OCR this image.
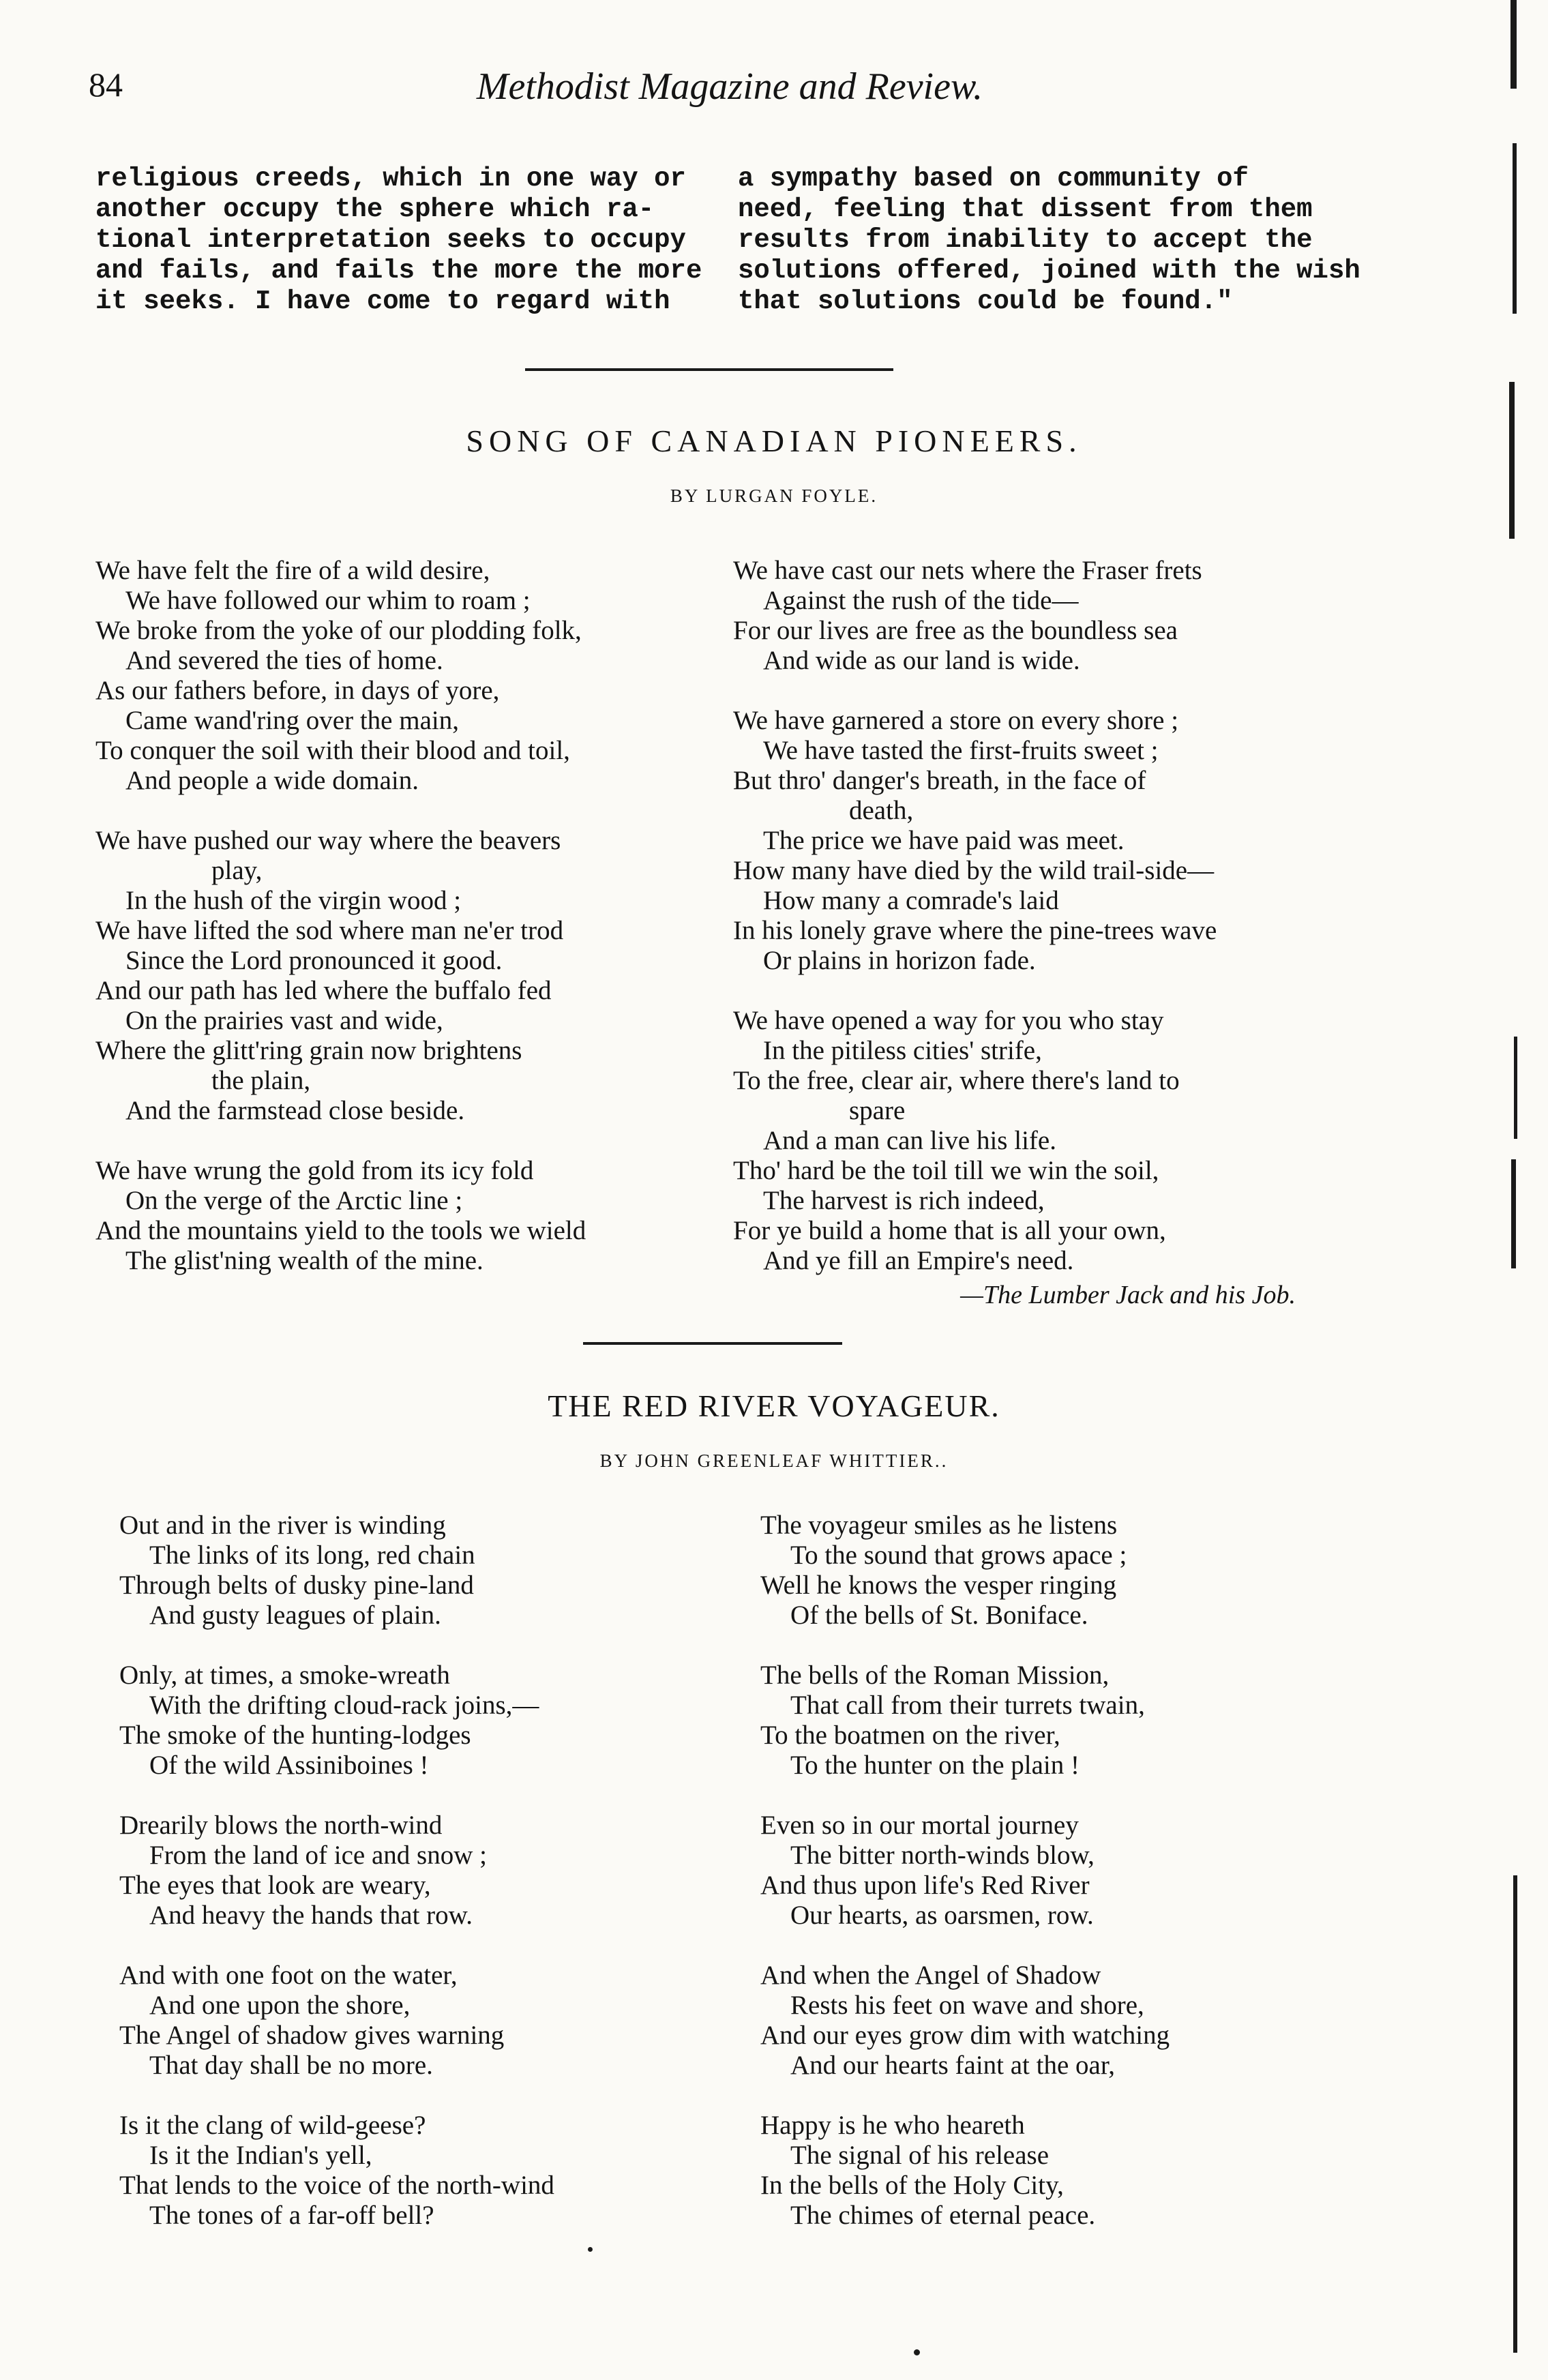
84	Methodist Magazine and Review.

religious creeds, which in one way or

another occupy the sphere which ra-

tional interpretation seeks to occupy

and fails, and fails the more the more

it seeks. I have come to regard with

a sympathy based on community of

need, feeling that dissent from them

results from inability to accept the

solutions offered, joined with the wish

that solutions could be found."

SONG OF CANADIAN PIONEERS.
BY LURGAN FOYLE.
We have felt the fire of a wild desire,
We have followed our whim to roam ;
We broke from the yoke of our plodding folk,
And severed the ties of home.
As our fathers before, in days of yore,
Came wand'ring over the main,
To conquer the soil with their blood and toil,
And people a wide domain.
We have pushed our way where the beavers
play,
In the hush of the virgin wood ;
We have lifted the sod where man ne'er trod
Since the Lord pronounced it good.
And our path has led where the buffalo fed
On the prairies vast and wide,
Where the glitt'ring grain now brightens
the plain,
And the farmstead close beside.
We have wrung the gold from its icy fold
On the verge of the Arctic line ;
And the mountains yield to the tools we wield
The glist'ning wealth of the mine.
We have cast our nets where the Fraser frets
Against the rush of the tide—
For our lives are free as the boundless sea
And wide as our land is wide.
We have garnered a store on every shore ;
We have tasted the first-fruits sweet ;
But thro' danger's breath, in the face of
death,
The price we have paid was meet.
How many have died by the wild trail-side—
How many a comrade's laid
In his lonely grave where the pine-trees wave
Or plains in horizon fade.
We have opened a way for you who stay
In the pitiless cities' strife,
To the free, clear air, where there's land to
spare
And a man can live his life.
Tho' hard be the toil till we win the soil,
The harvest is rich indeed,
For ye build a home that is all your own,
And ye fill an Empire's need.
—The Lumber Jack and his Job.
THE RED RIVER VOYAGEUR.
BY JOHN GREENLEAF WHITTIER..
Out and in the river is winding
The links of its long, red chain
Through belts of dusky pine-land
And gusty leagues of plain.
Only, at times, a smoke-wreath
With the drifting cloud-rack joins,—
The smoke of the hunting-lodges
Of the wild Assiniboines !
Drearily blows the north-wind
From the land of ice and snow ;
The eyes that look are weary,
And heavy the hands that row.
And with one foot on the water,
And one upon the shore,
The Angel of shadow gives warning
That day shall be no more.
Is it the clang of wild-geese?
Is it the Indian's yell,
That lends to the voice of the north-wind
The tones of a far-off bell?
The voyageur smiles as he listens
To the sound that grows apace ;
Well he knows the vesper ringing
Of the bells of St. Boniface.
The bells of the Roman Mission,
That call from their turrets twain,
To the boatmen on the river,
To the hunter on the plain !
Even so in our mortal journey
The bitter north-winds blow,
And thus upon life's Red River
Our hearts, as oarsmen, row.
And when the Angel of Shadow
Rests his feet on wave and shore,
And our eyes grow dim with watching
And our hearts faint at the oar,
Happy is he who heareth
The signal of his release
In the bells of the Holy City,
The chimes of eternal peace.
